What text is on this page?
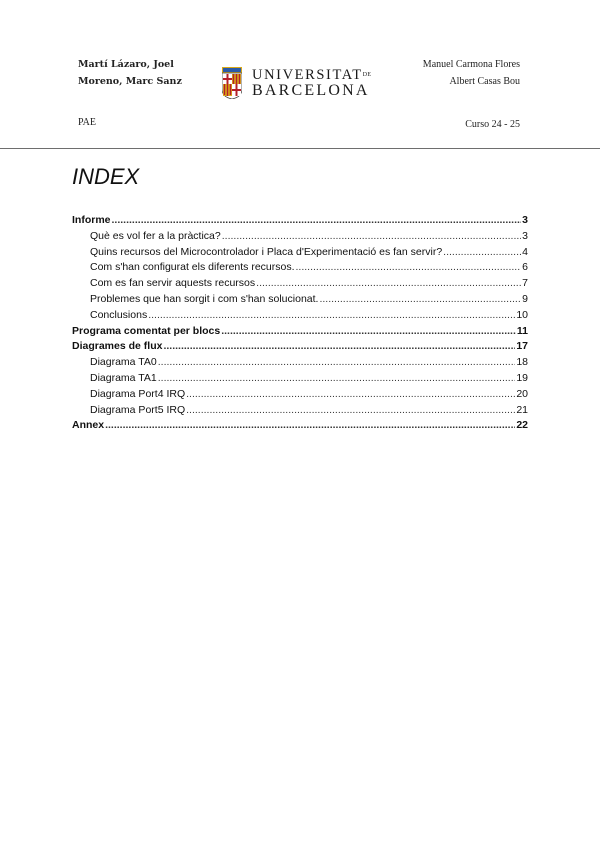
Martí Lázaro, Joel
Moreno, Marc Sanz	$UNIVERSITAT^{DE}$
BARCELONA
Manuel Carmona Flores
Albert Casas Bou
PAE	Curso 24 - 25
INDEX
Informe .....	3
Què es vol fer a la pràctica? .....	3
Quins recursos del Microcontrolador i Placa d'Experimentació es fan servir? .....	4
Com s'han configurat els diferents recursos. .....	6
Com es fan servir aquests recursos .....	7
Problemes que han sorgit i com s'han solucionat. .....	9
Conclusions .....	10
Programa comentat per blocs .....	11
Diagrames de flux .....	17
Diagrama TA0 .....	18
Diagrama TA1 .....	19
Diagrama Port4 IRQ .....	20
Diagrama Port5 IRQ .....	21
Annex .....	22
